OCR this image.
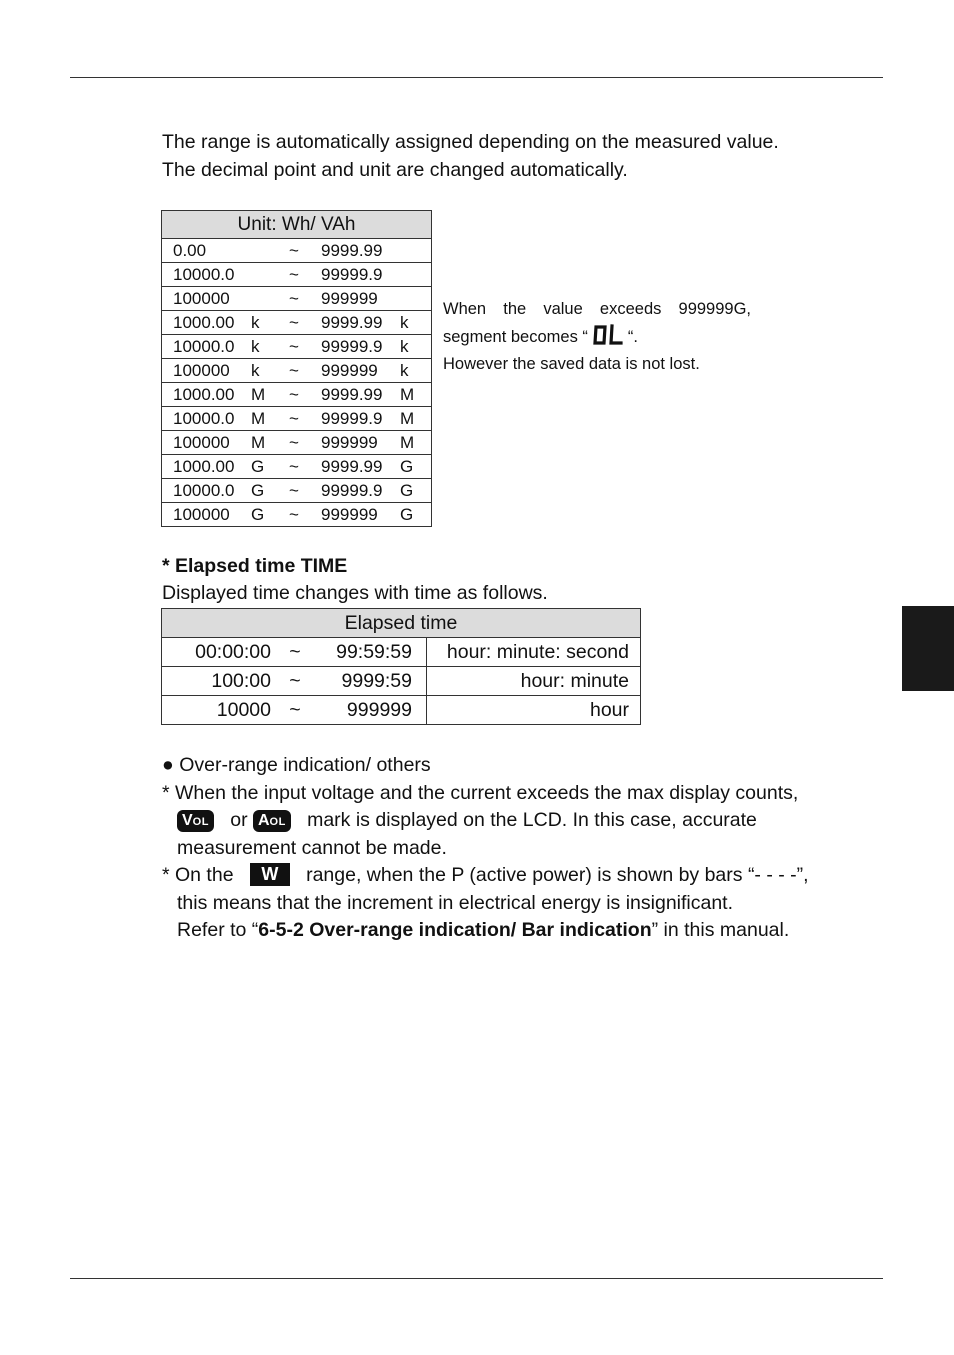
The range is automatically assigned depending on the measured value.

The decimal point and unit are changed automatically.

Unit: Wh/ VAh				
0.00		~	9999.99	
10000.0		~	99999.9	
100000		~	999999	
1000.00	k	~	9999.99	k
10000.0	k	~	99999.9	k
100000	k	~	999999	k
1000.00	M	~	9999.99	M
10000.0	M	~	99999.9	M
100000	M	~	999999	M
1000.00	G	~	9999.99	G
10000.0	G	~	99999.9	G
100000	G	~	999999	G
When the value exceeds 999999G,
segment becomes “ “.
However the saved data is not lost.
* Elapsed time TIME
Displayed time changes with time as follows.
Elapsed time	
00:00:00 ~ 99:59:59	hour: minute: second
100:00 ~ 9999:59	hour: minute
10000 ~ 999999	hour

● Over-range indication/ others

* When the input voltage and the current exceeds the max display counts,

VOL or AOL mark is displayed on the LCD. In this case, accurate

measurement cannot be made.

* On the W range, when the P (active power) is shown by bars “- - - -”,

this means that the increment in electrical energy is insignificant.

Refer to “6-5-2 Over-range indication/ Bar indication” in this manual.
